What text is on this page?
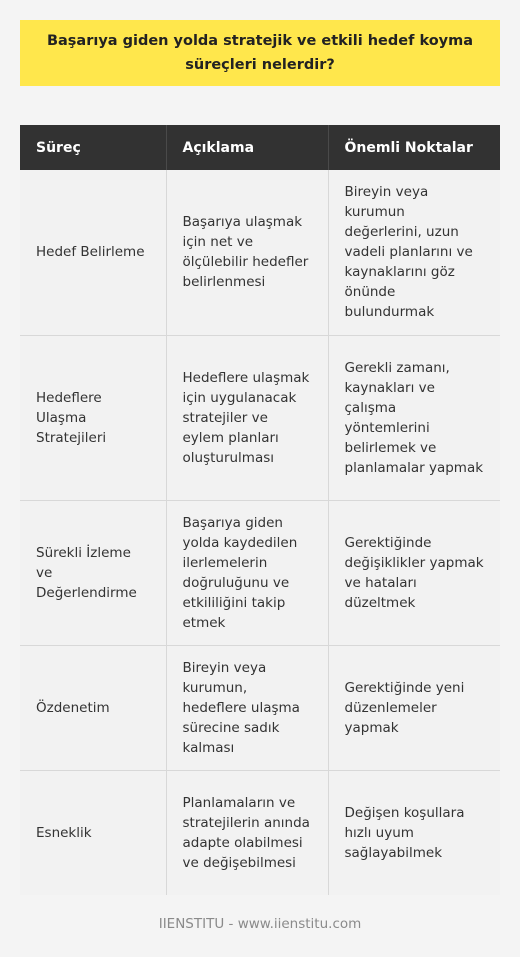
Başarıya giden yolda stratejik ve etkili hedef koyma süreçleri nelerdir?
Süreç	Açıklama	Önemli Noktalar
Hedef Belirleme	Başarıya ulaşmak için net ve ölçülebilir hedefler belirlenmesi	Bireyin veya kurumun değerlerini, uzun vadeli planlarını ve kaynaklarını göz önünde bulundurmak
Hedeflere Ulaşma Stratejileri	Hedeflere ulaşmak için uygulanacak stratejiler ve eylem planları oluşturulması	Gerekli zamanı, kaynakları ve çalışma yöntemlerini belirlemek ve planlamalar yapmak
Sürekli İzleme ve Değerlendirme	Başarıya giden yolda kaydedilen ilerlemelerin doğruluğunu ve etkililiğini takip etmek	Gerektiğinde değişiklikler yapmak ve hataları düzeltmek
Özdenetim	Bireyin veya kurumun, hedeflere ulaşma sürecine sadık kalması	Gerektiğinde yeni düzenlemeler yapmak
Esneklik	Planlamaların ve stratejilerin anında adapte olabilmesi ve değişebilmesi	Değişen koşullara hızlı uyum sağlayabilmek
IIENSTITU - www.iienstitu.com
